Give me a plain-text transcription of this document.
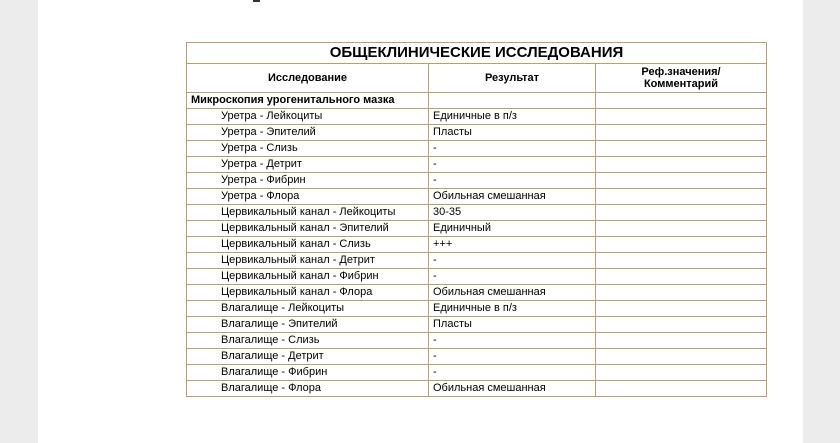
ОБЩЕКЛИНИЧЕСКИЕ ИССЛЕДОВАНИЯ		
Исследование	Результат	Реф.значения/
Комментарий
Микроскопия урогенитального мазка		
Уретра - Лейкоциты	Единичные в п/з	
Уретра - Эпителий	Пласты	
Уретра - Слизь	-	
Уретра - Детрит	-	
Уретра - Фибрин	-	
Уретра - Флора	Обильная смешанная	
Цервикальный канал - Лейкоциты	30-35	
Цервикальный канал - Эпителий	Единичный	
Цервикальный канал - Слизь	+++	
Цервикальный канал - Детрит	-	
Цервикальный канал - Фибрин	-	
Цервикальный канал - Флора	Обильная смешанная	
Влагалище - Лейкоциты	Единичные в п/з	
Влагалище - Эпителий	Пласты	
Влагалище - Слизь	-	
Влагалище - Детрит	-	
Влагалище - Фибрин	-	
Влагалище - Флора	Обильная смешанная	
